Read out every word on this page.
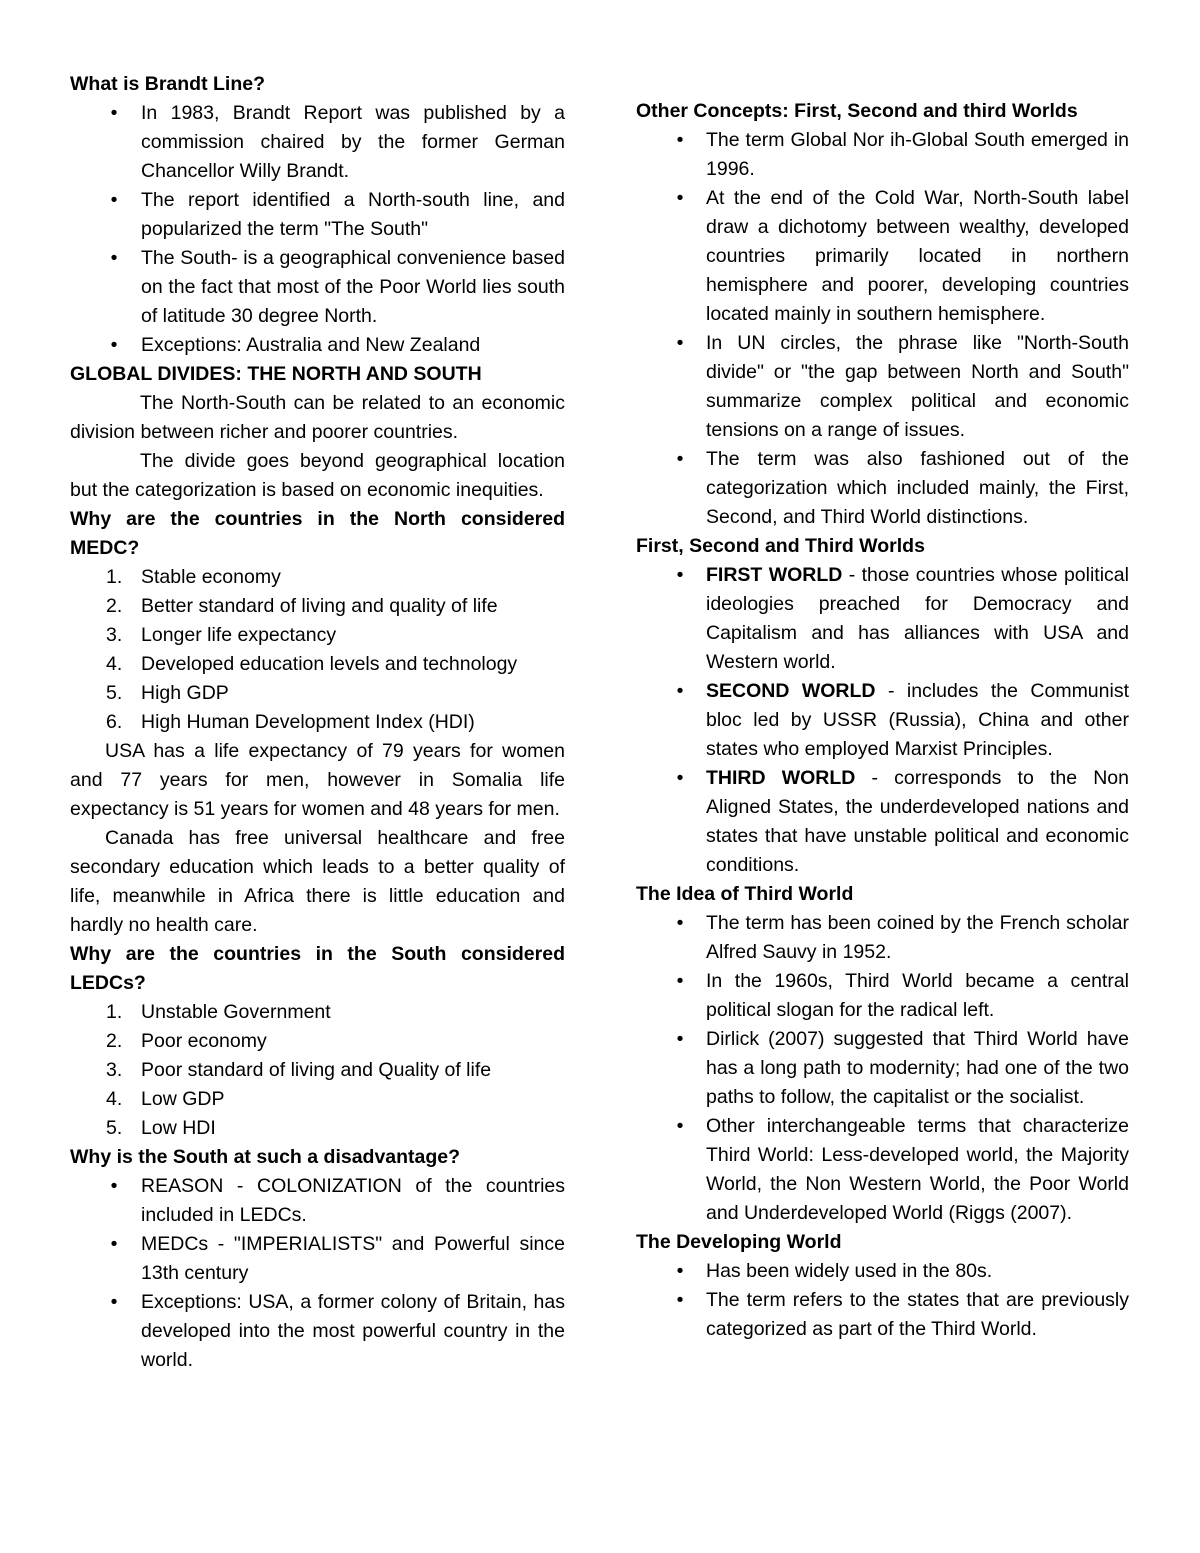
What is Brandt Line?
•	In 1983, Brandt Report was published by a commission chaired by the former German Chancellor Willy Brandt.
•	The report identified a North-south line, and popularized the term "The South"
•	The South- is a geographical convenience based on the fact that most of the Poor World lies south of latitude 30 degree North.
•	Exceptions: Australia and New Zealand
GLOBAL DIVIDES: THE NORTH AND SOUTH

The North-South can be related to an economic division between richer and poorer countries.

The divide goes beyond geographical location but the categorization is based on economic inequities.

Why are the countries in the North considered MEDC?
1. Stable economy
2. Better standard of living and quality of life
3. Longer life expectancy
4. Developed education levels and technology
5. High GDP
6. High Human Development Index (HDI)

USA has a life expectancy of 79 years for women and 77 years for men, however in Somalia life expectancy is 51 years for women and 48 years for men.

Canada has free universal healthcare and free secondary education which leads to a better quality of life, meanwhile in Africa there is little education and hardly no health care.

Why are the countries in the South considered LEDCs?
1. Unstable Government
2. Poor economy
3. Poor standard of living and Quality of life
4. Low GDP
5. Low HDI
Why is the South at such a disadvantage?
•	REASON - COLONIZATION of the countries included in LEDCs.
•	MEDCs - "IMPERIALISTS" and Powerful since 13th century
•	Exceptions: USA, a former colony of Britain, has developed into the most powerful country in the world.
Other Concepts: First, Second and third Worlds
•	The term Global Nor ih-Global South emerged in 1996.
•	At the end of the Cold War, North-South label draw a dichotomy between wealthy, developed countries primarily located in northern hemisphere and poorer, developing countries located mainly in southern hemisphere.
•	In UN circles, the phrase like "North-South divide" or "the gap between North and South" summarize complex political and economic tensions on a range of issues.
•	The term was also fashioned out of the categorization which included mainly, the First, Second, and Third World distinctions.
First, Second and Third Worlds
•	FIRST WORLD - those countries whose political ideologies preached for Democracy and Capitalism and has alliances with USA and Western world.
•	SECOND WORLD - includes the Communist bloc led by USSR (Russia), China and other states who employed Marxist Principles.
•	THIRD WORLD - corresponds to the Non Aligned States, the underdeveloped nations and states that have unstable political and economic conditions.
The Idea of Third World
•	The term has been coined by the French scholar Alfred Sauvy in 1952.
•	In the 1960s, Third World became a central political slogan for the radical left.
•	Dirlick (2007) suggested that Third World have has a long path to modernity; had one of the two paths to follow, the capitalist or the socialist.
•	Other interchangeable terms that characterize Third World: Less-developed world, the Majority World, the Non Western World, the Poor World and Underdeveloped World (Riggs (2007).
The Developing World
•	Has been widely used in the 80s.
•	The term refers to the states that are previously categorized as part of the Third World.
